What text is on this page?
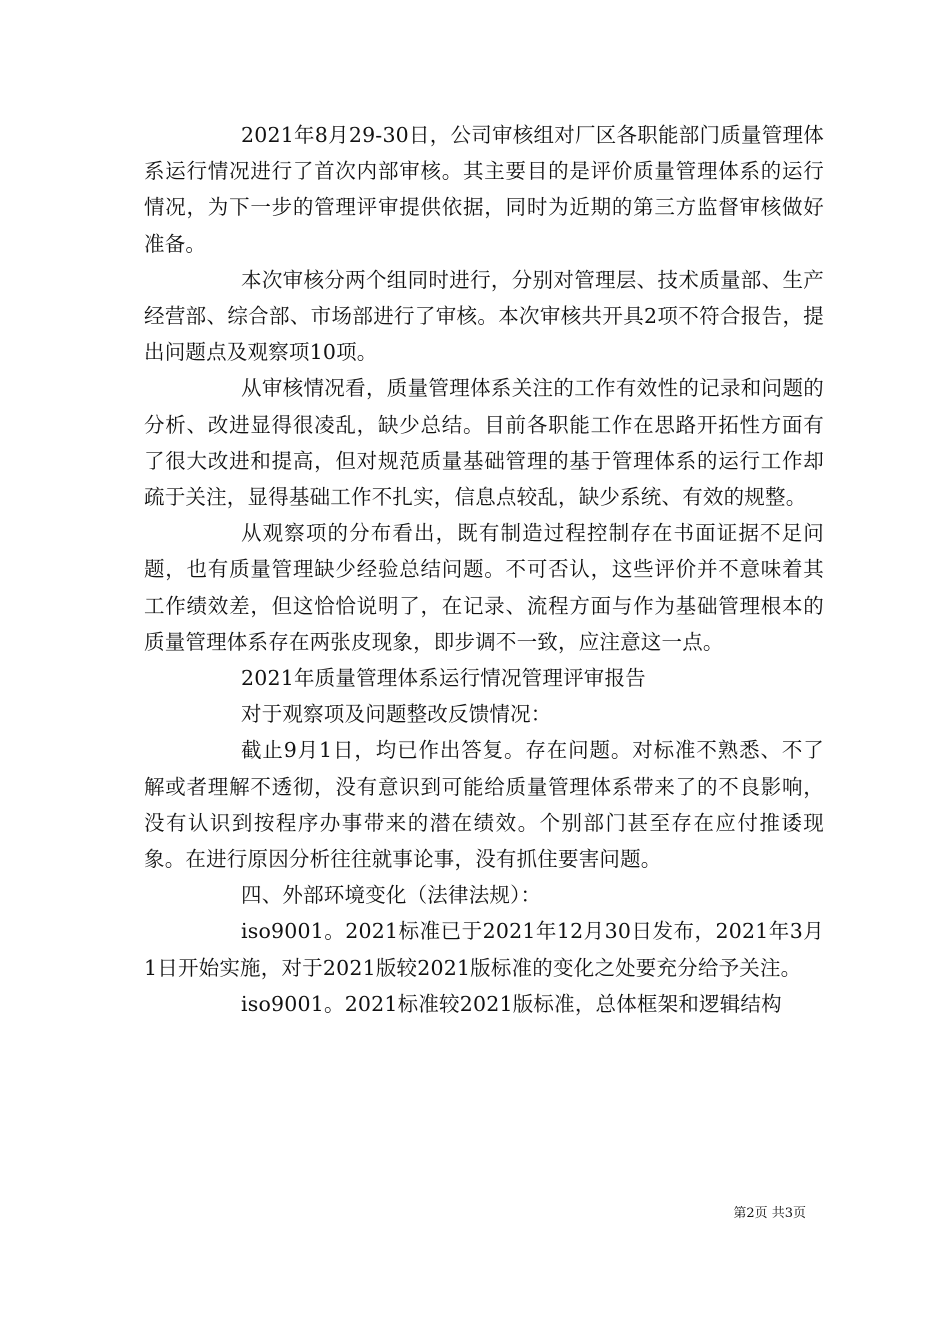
2021年8月29-30日，公司审核组对厂区各职能部门质量管理体系运行情况进行了首次内部审核。其主要目的是评价质量管理体系的运行情况，为下一步的管理评审提供依据，同时为近期的第三方监督审核做好准备。

本次审核分两个组同时进行，分别对管理层、技术质量部、生产经营部、综合部、市场部进行了审核。本次审核共开具2项不符合报告，提出问题点及观察项10项。

从审核情况看，质量管理体系关注的工作有效性的记录和问题的分析、改进显得很凌乱，缺少总结。目前各职能工作在思路开拓性方面有了很大改进和提高，但对规范质量基础管理的基于管理体系的运行工作却疏于关注，显得基础工作不扎实，信息点较乱，缺少系统、有效的规整。

从观察项的分布看出，既有制造过程控制存在书面证据不足问题，也有质量管理缺少经验总结问题。不可否认，这些评价并不意味着其工作绩效差，但这恰恰说明了，在记录、流程方面与作为基础管理根本的质量管理体系存在两张皮现象，即步调不一致，应注意这一点。

2021年质量管理体系运行情况管理评审报告

对于观察项及问题整改反馈情况：

截止9月1日，均已作出答复。存在问题。对标准不熟悉、不了解或者理解不透彻，没有意识到可能给质量管理体系带来了的不良影响，没有认识到按程序办事带来的潜在绩效。个别部门甚至存在应付推诿现象。在进行原因分析往往就事论事，没有抓住要害问题。

四、外部环境变化（法律法规）：

iso9001。2021标准已于2021年12月30日发布，2021年3月1日开始实施，对于2021版较2021版标准的变化之处要充分给予关注。

iso9001。2021标准较2021版标准，总体框架和逻辑结构

第2页 共3页
